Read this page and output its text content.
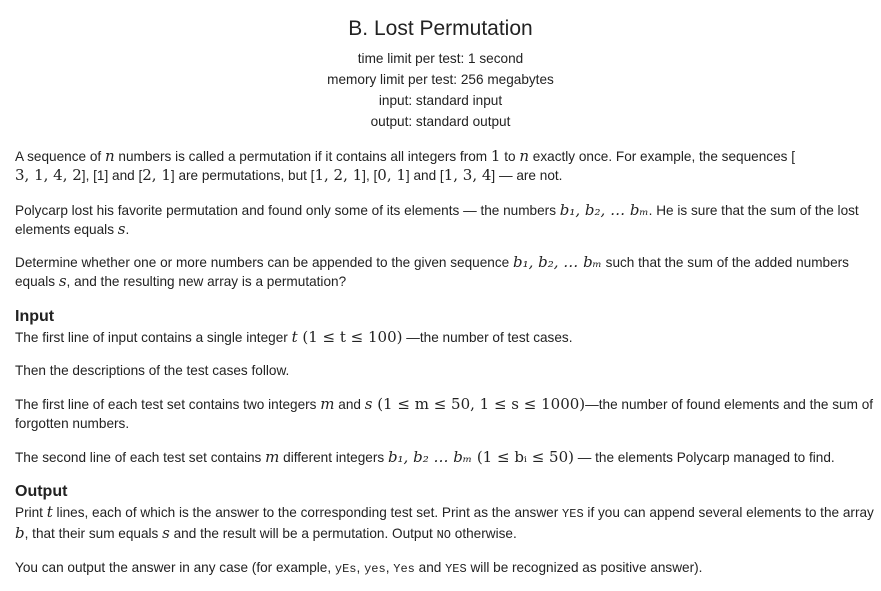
B. Lost Permutation
time limit per test: 1 second
memory limit per test: 256 megabytes
input: standard input
output: standard output
A sequence of n numbers is called a permutation if it contains all integers from 1 to n exactly once. For example, the sequences [
3, 1, 4, 2], [1] and [2, 1] are permutations, but [1, 2, 1], [0, 1] and [1, 3, 4] — are not.
Polycarp lost his favorite permutation and found only some of its elements — the numbers b₁, b₂, … bₘ. He is sure that the sum of the lost elements equals s.
Determine whether one or more numbers can be appended to the given sequence b₁, b₂, … bₘ such that the sum of the added numbers equals s, and the resulting new array is a permutation?
Input
The first line of input contains a single integer t (1 ≤ t ≤ 100) —the number of test cases.
Then the descriptions of the test cases follow.
The first line of each test set contains two integers m and s (1 ≤ m ≤ 50, 1 ≤ s ≤ 1000)—the number of found elements and the sum of forgotten numbers.
The second line of each test set contains m different integers b₁, b₂ … bₘ (1 ≤ bᵢ ≤ 50) — the elements Polycarp managed to find.
Output
Print t lines, each of which is the answer to the corresponding test set. Print as the answer YES if you can append several elements to the array b, that their sum equals s and the result will be a permutation. Output NO otherwise.
You can output the answer in any case (for example, yEs, yes, Yes and YES will be recognized as positive answer).
